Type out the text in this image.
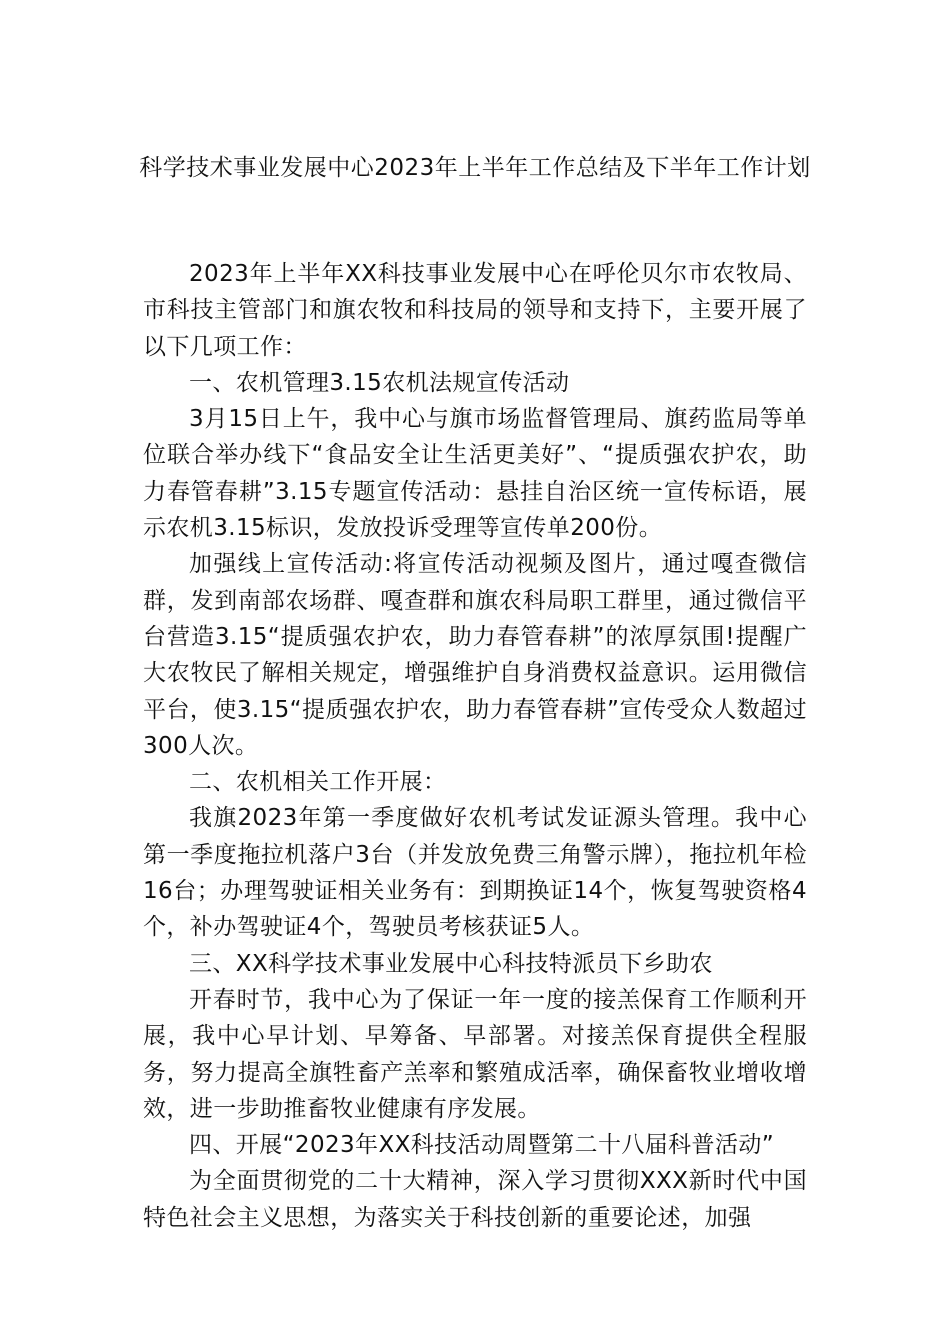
科学技术事业发展中心2023年上半年工作总结及下半年工作计划

2023年上半年XX科技事业发展中心在呼伦贝尔市农牧局、市科技主管部门和旗农牧和科技局的领导和支持下，主要开展了以下几项工作：

一、农机管理3.15农机法规宣传活动

3月15日上午，我中心与旗市场监督管理局、旗药监局等单位联合举办线下“食品安全让生活更美好”、“提质强农护农，助力春管春耕”3.15专题宣传活动：悬挂自治区统一宣传标语，展示农机3.15标识，发放投诉受理等宣传单200份。

加强线上宣传活动:将宣传活动视频及图片，通过嘎查微信群，发到南部农场群、嘎查群和旗农科局职工群里，通过微信平台营造3.15“提质强农护农，助力春管春耕”的浓厚氛围!提醒广大农牧民了解相关规定，增强维护自身消费权益意识。运用微信平台，使3.15“提质强农护农，助力春管春耕”宣传受众人数超过300人次。

二、农机相关工作开展：

我旗2023年第一季度做好农机考试发证源头管理。我中心第一季度拖拉机落户3台（并发放免费三角警示牌），拖拉机年检16台；办理驾驶证相关业务有：到期换证14个，恢复驾驶资格4个，补办驾驶证4个，驾驶员考核获证5人。

三、XX科学技术事业发展中心科技特派员下乡助农

开春时节，我中心为了保证一年一度的接羔保育工作顺利开展，我中心早计划、早筹备、早部署。对接羔保育提供全程服务，努力提高全旗牲畜产羔率和繁殖成活率，确保畜牧业增收增效，进一步助推畜牧业健康有序发展。

四、开展“2023年XX科技活动周暨第二十八届科普活动”

为全面贯彻党的二十大精神，深入学习贯彻XXX新时代中国特色社会主义思想，为落实关于科技创新的重要论述，加强
